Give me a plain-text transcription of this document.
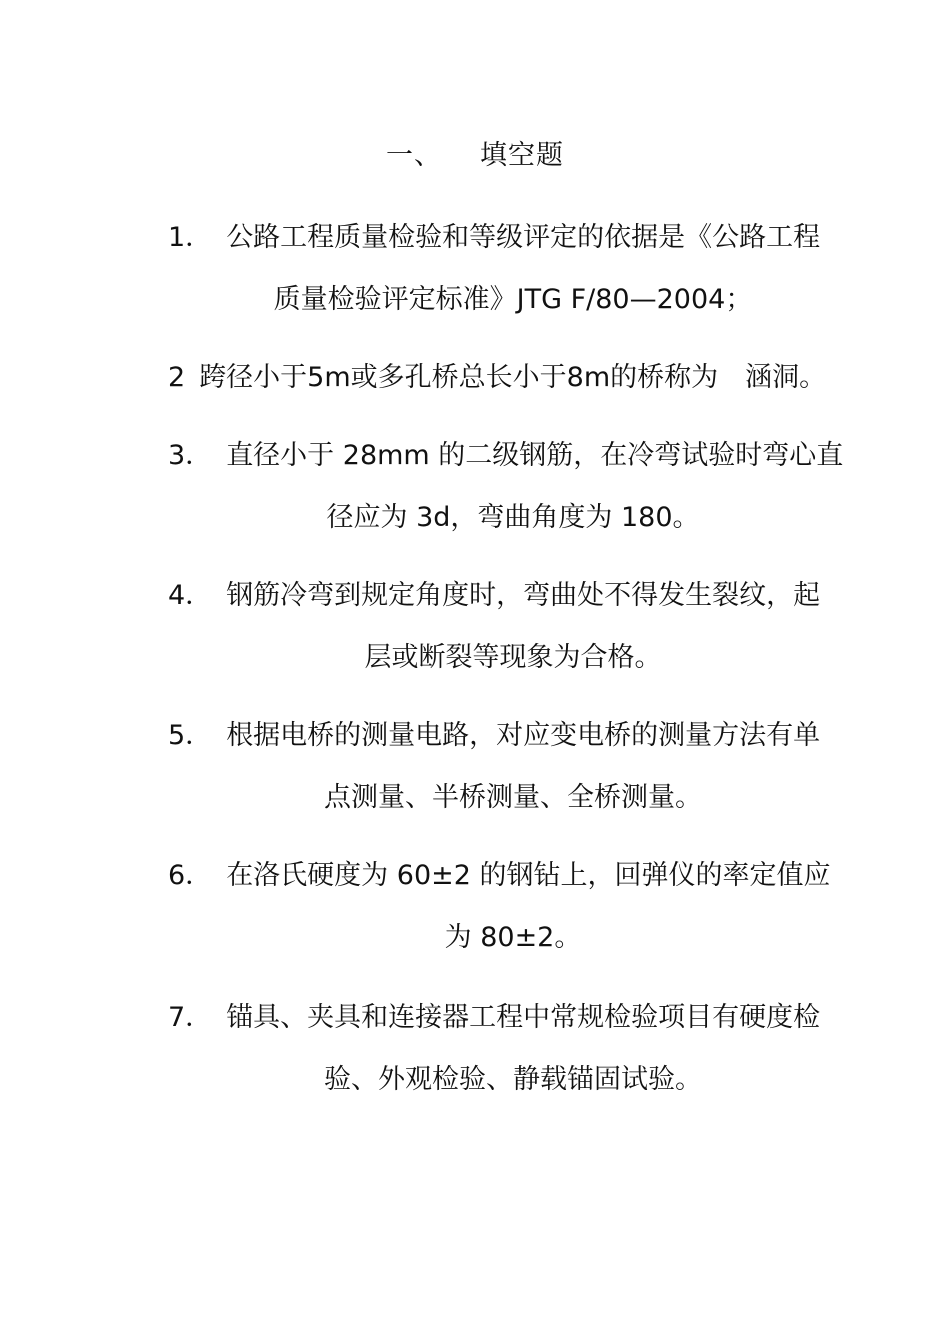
一、 填空题
1． 公路工程质量检验和等级评定的依据是《公路工程
质量检验评定标准》JTG F/80—2004；
2 跨径小于5m或多孔桥总长小于8m的桥称为　涵洞。
3． 直径小于 28mm 的二级钢筋，在冷弯试验时弯心直
径应为 3d，弯曲角度为 180。
4． 钢筋冷弯到规定角度时，弯曲处不得发生裂纹，起
层或断裂等现象为合格。
5． 根据电桥的测量电路，对应变电桥的测量方法有单
点测量、半桥测量、全桥测量。
6． 在洛氏硬度为 60±2 的钢钻上，回弹仪的率定值应
为 80±2。
7． 锚具、夹具和连接器工程中常规检验项目有硬度检
验、外观检验、静载锚固试验。
